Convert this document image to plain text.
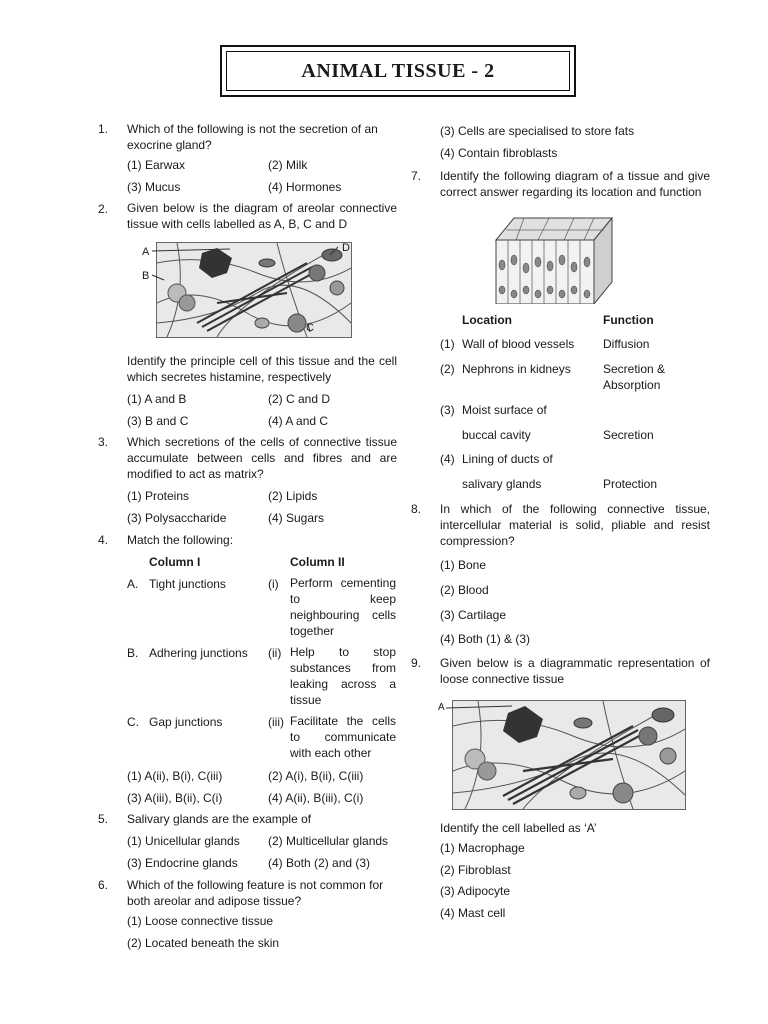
ANIMAL TISSUE - 2
1. Which of the following is not the secretion of an exocrine gland?
(1) Earwax	(2) Milk
(3) Mucus	(4) Hormones
2. Given below is the diagram of areolar connective tissue with cells labelled as A, B, C and D
A
B
D
C
Identify the principle cell of this tissue and the cell which secretes histamine, respectively
(1) A and B	(2) C and D
(3) B and C	(4) A and C
3. Which secretions of the cells of connective tissue accumulate between cells and fibres and are modified to act as matrix?
(1) Proteins	(2) Lipids
(3) Polysaccharide	(4) Sugars
4. Match the following:
Column I	Column II
A. Tight junctions	(i) Perform cementing to keep neighbouring cells together
B. Adhering junctions (ii) Help to stop substances from leaking across a tissue
C. Gap junctions	(iii) Facilitate the cells to communicate with each other
(1) A(ii), B(i), C(iii)	(2) A(i), B(ii), C(iii)
(3) A(iii), B(ii), C(i)	(4) A(ii), B(iii), C(i)
5. Salivary glands are the example of
(1) Unicellular glands (2) Multicellular glands
(3) Endocrine glands	(4) Both (2) and (3)
6. Which of the following feature is not common for both areolar and adipose tissue?
(1) Loose connective tissue
(2) Located beneath the skin
(3) Cells are specialised to store fats
(4) Contain fibroblasts
7. Identify the following diagram of a tissue and give correct answer regarding its location and function
Location	Function
(1) Wall of blood vessels Diffusion
(2) Nephrons in kidneys	Secretion & Absorption
(3) Moist surface of
buccal cavity	Secretion
(4) Lining of ducts of
salivary glands	Protection
8. In which of the following connective tissue, intercellular material is solid, pliable and resist compression?
(1) Bone
(2) Blood
(3) Cartilage
(4) Both (1) & (3)
9. Given below is a diagrammatic representation of loose connective tissue
A
Identify the cell labelled as ‘A’
(1) Macrophage
(2) Fibroblast
(3) Adipocyte
(4) Mast cell
